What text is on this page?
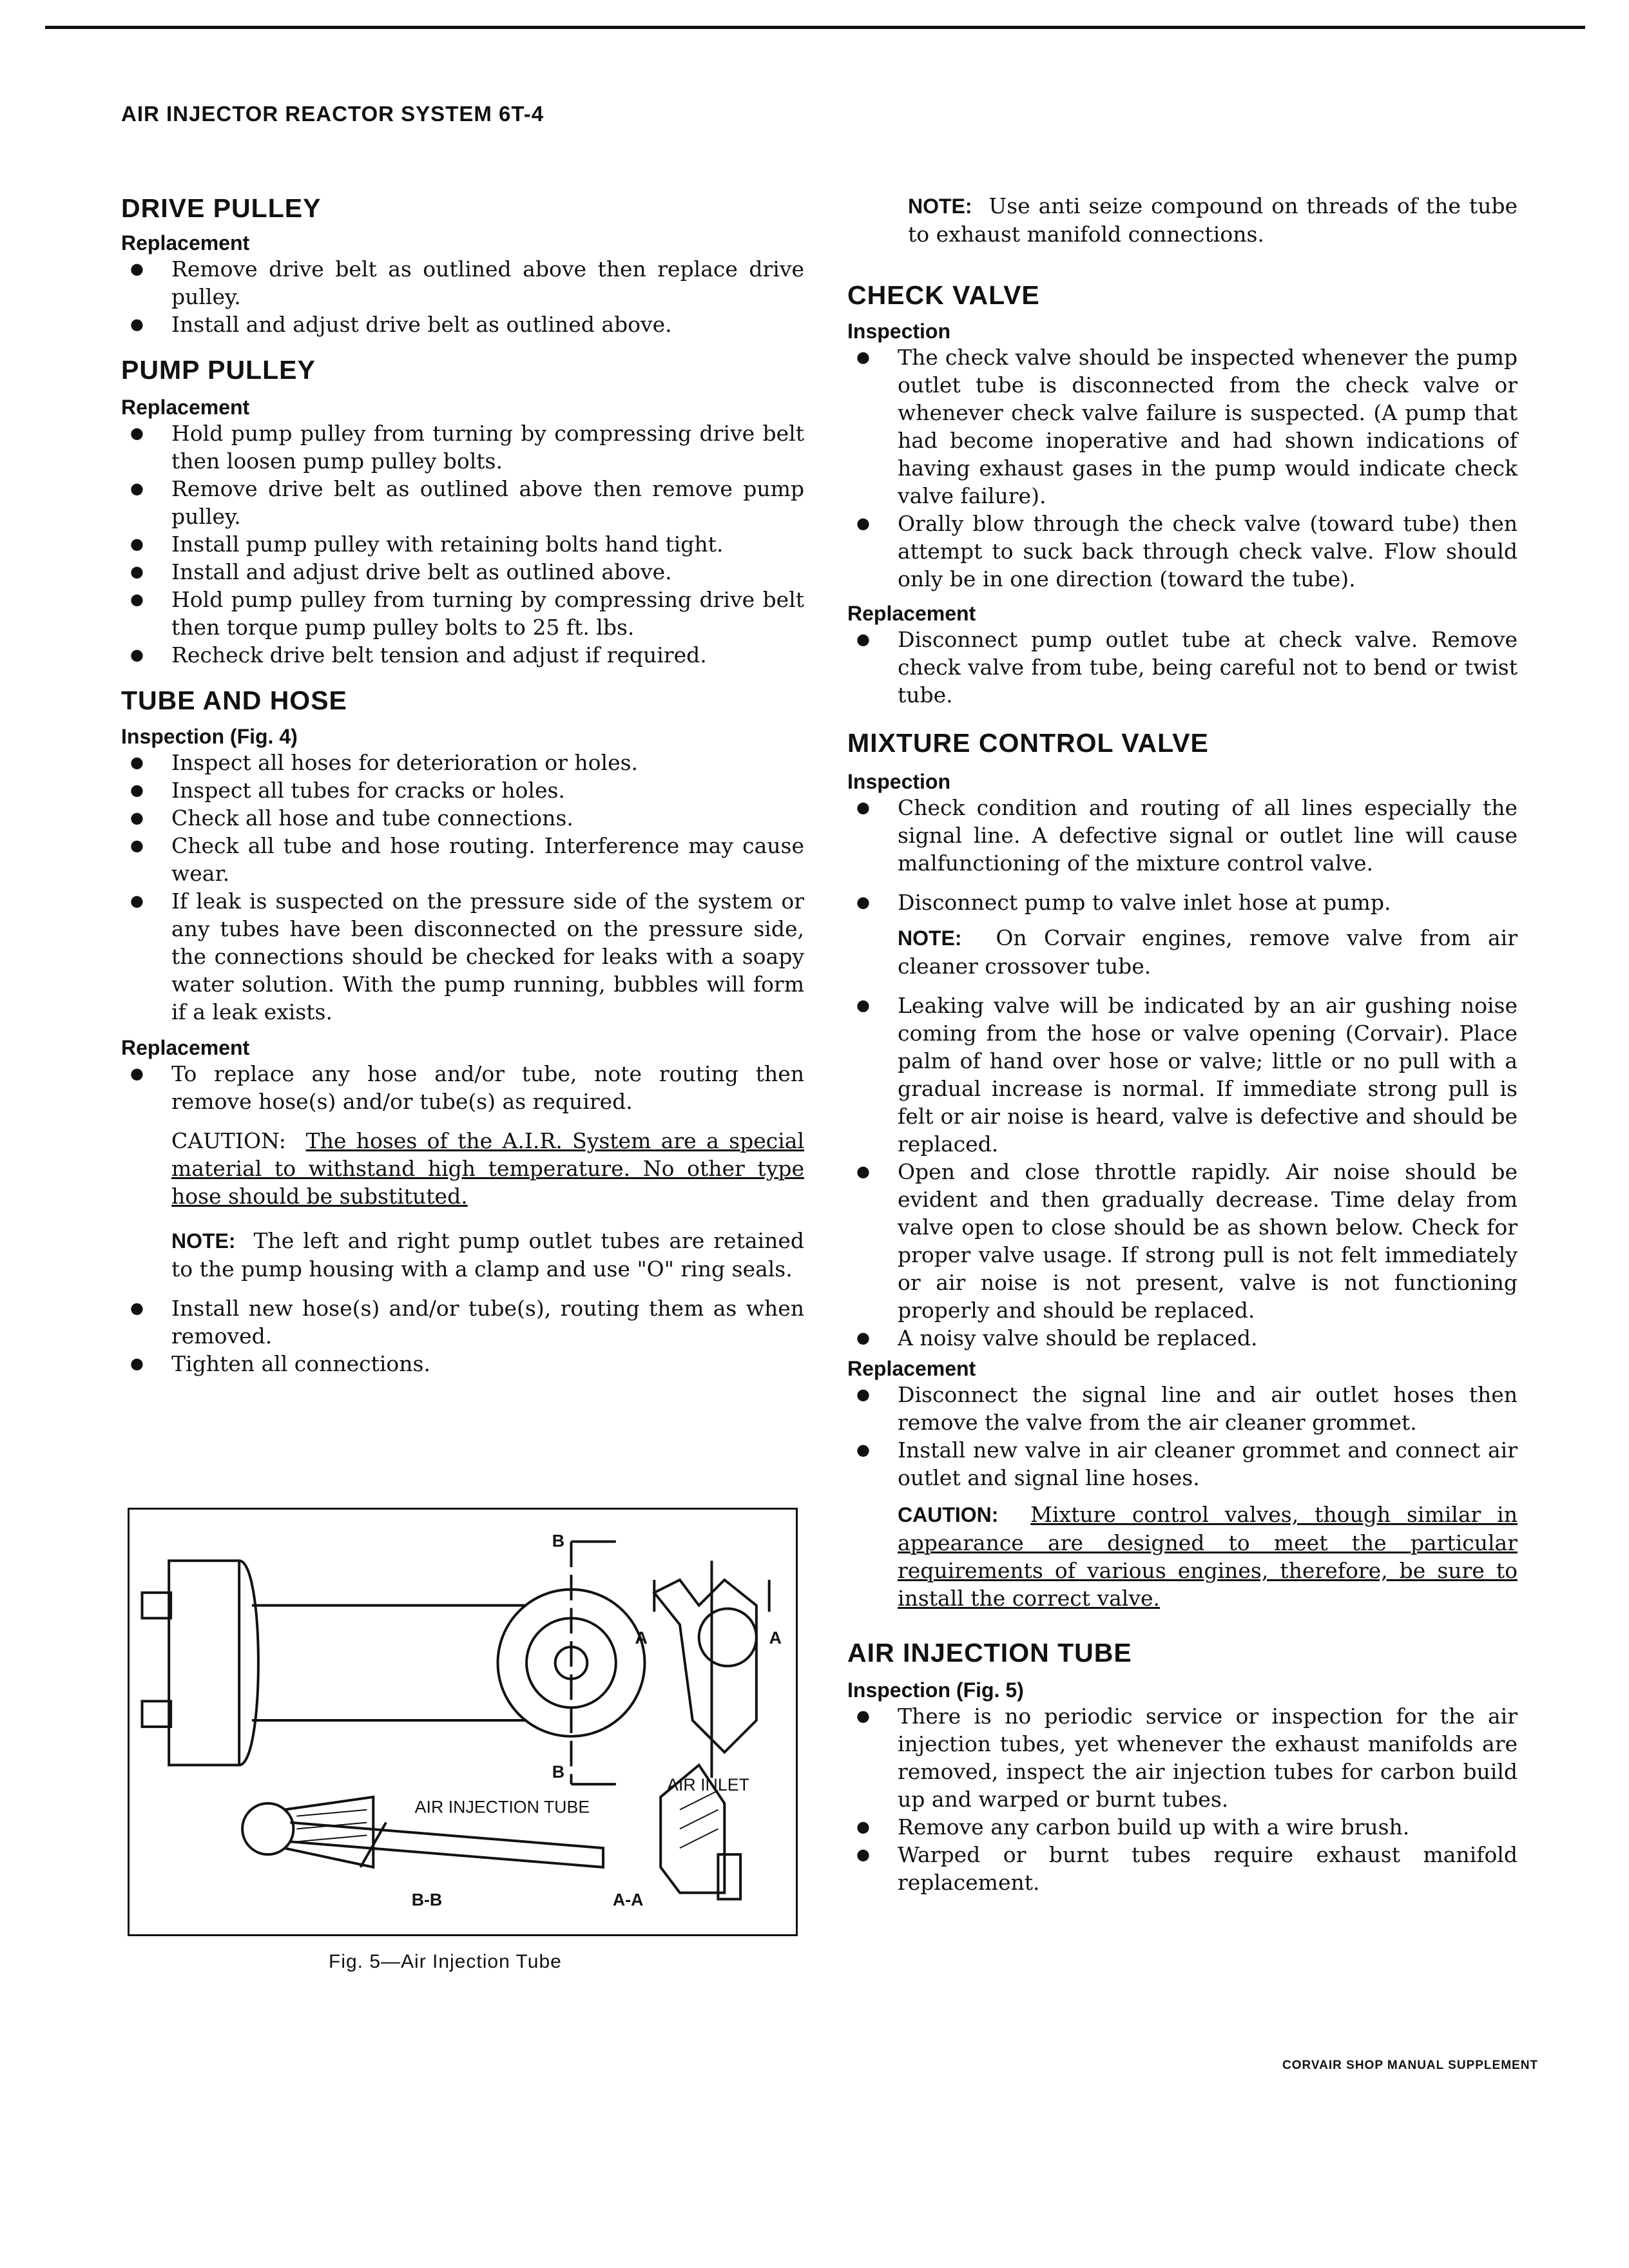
AIR INJECTOR REACTOR SYSTEM 6T-4
DRIVE PULLEY
Replacement
● Remove drive belt as outlined above then replace drive pulley.
● Install and adjust drive belt as outlined above.
PUMP PULLEY
Replacement
● Hold pump pulley from turning by compressing drive belt then loosen pump pulley bolts.
● Remove drive belt as outlined above then remove pump pulley.
● Install pump pulley with retaining bolts hand tight.
● Install and adjust drive belt as outlined above.
● Hold pump pulley from turning by compressing drive belt then torque pump pulley bolts to 25 ft. lbs.
● Recheck drive belt tension and adjust if required.
TUBE AND HOSE
Inspection (Fig. 4)
● Inspect all hoses for deterioration or holes.
● Inspect all tubes for cracks or holes.
● Check all hose and tube connections.
● Check all tube and hose routing. Interference may cause wear.
● If leak is suspected on the pressure side of the system or any tubes have been disconnected on the pressure side, the connections should be checked for leaks with a soapy water solution. With the pump running, bubbles will form if a leak exists.
Replacement
● To replace any hose and/or tube, note routing then remove hose(s) and/or tube(s) as required.

CAUTION: The hoses of the A.I.R. System are a special material to withstand high temperature. No other type hose should be substituted.

NOTE: The left and right pump outlet tubes are retained to the pump housing with a clamp and use "O" ring seals.

● Install new hose(s) and/or tube(s), routing them as when removed.
● Tighten all connections.
B
B
A	A
AIR INLET
AIR INJECTION TUBE
B-B	A-A
Fig. 5—Air Injection Tube

NOTE: Use anti seize compound on threads of the tube to exhaust manifold connections.

CHECK VALVE
Inspection
● The check valve should be inspected whenever the pump outlet tube is disconnected from the check valve or whenever check valve failure is suspected. (A pump that had become inoperative and had shown indications of having exhaust gases in the pump would indicate check valve failure).
● Orally blow through the check valve (toward tube) then attempt to suck back through check valve. Flow should only be in one direction (toward the tube).
Replacement
● Disconnect pump outlet tube at check valve. Remove check valve from tube, being careful not to bend or twist tube.
MIXTURE CONTROL VALVE
Inspection
● Check condition and routing of all lines especially the signal line. A defective signal or outlet line will cause malfunctioning of the mixture control valve.
● Disconnect pump to valve inlet hose at pump.

NOTE: On Corvair engines, remove valve from air cleaner crossover tube.

● Leaking valve will be indicated by an air gushing noise coming from the hose or valve opening (Corvair). Place palm of hand over hose or valve; little or no pull with a gradual increase is normal. If immediate strong pull is felt or air noise is heard, valve is defective and should be replaced.
● Open and close throttle rapidly. Air noise should be evident and then gradually decrease. Time delay from valve open to close should be as shown below. Check for proper valve usage. If strong pull is not felt immediately or air noise is not present, valve is not functioning properly and should be replaced.
● A noisy valve should be replaced.
Replacement
● Disconnect the signal line and air outlet hoses then remove the valve from the air cleaner grommet.
● Install new valve in air cleaner grommet and connect air outlet and signal line hoses.

CAUTION: Mixture control valves, though similar in appearance are designed to meet the particular requirements of various engines, therefore, be sure to install the correct valve.

AIR INJECTION TUBE
Inspection (Fig. 5)
● There is no periodic service or inspection for the air injection tubes, yet whenever the exhaust manifolds are removed, inspect the air injection tubes for carbon build up and warped or burnt tubes.
● Remove any carbon build up with a wire brush.
● Warped or burnt tubes require exhaust manifold replacement.
CORVAIR SHOP MANUAL SUPPLEMENT
